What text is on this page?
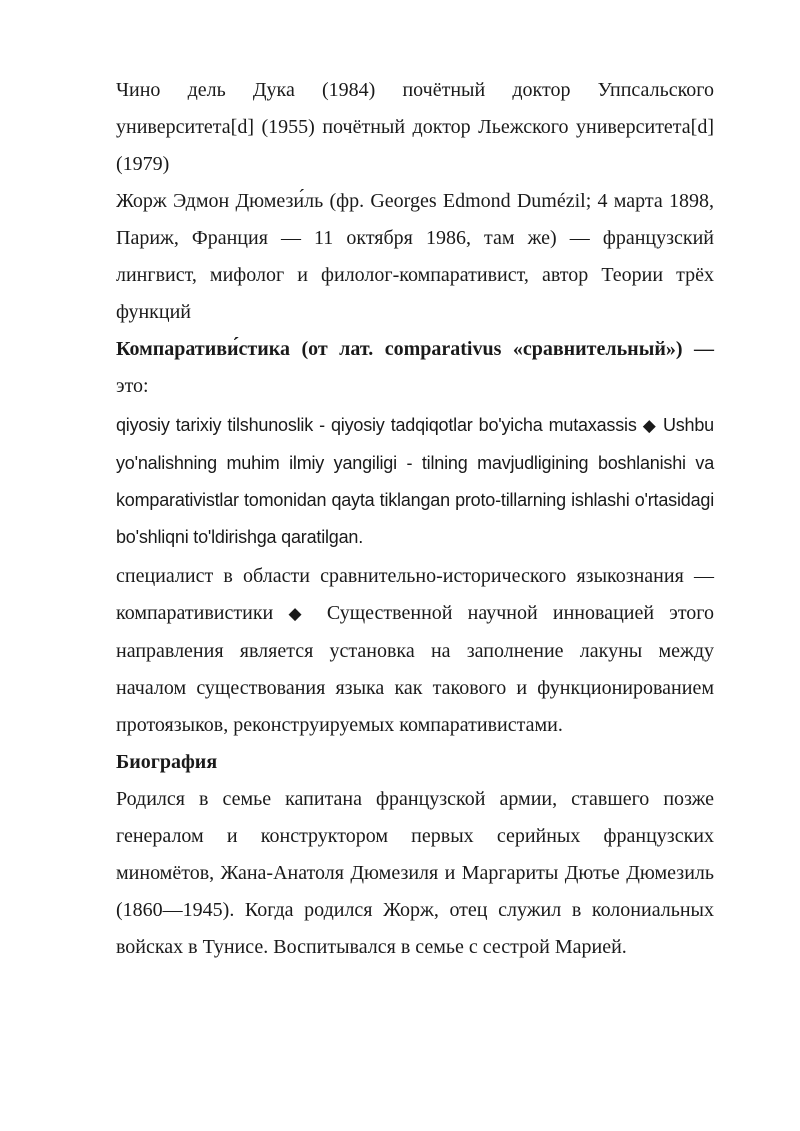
Чино дель Дука (1984) почётный доктор Уппсальского университета[d] (1955) почётный доктор Льежского университета[d] (1979)

Жорж Эдмон Дюмези́ль (фр. Georges Edmond Dumézil; 4 марта 1898, Париж, Франция — 11 октября 1986, там же) — французский лингвист, мифолог и филолог-компаративист, автор Теории трёх функций

Компаративи́стика (от лат. comparativus «сравнительный») — это:

qiyosiy tarixiy tilshunoslik - qiyosiy tadqiqotlar bo'yicha mutaxassis ◆ Ushbu yo'nalishning muhim ilmiy yangiligi - tilning mavjudligining boshlanishi va komparativistlar tomonidan qayta tiklangan proto-tillarning ishlashi o'rtasidagi bo'shliqni to'ldirishga qaratilgan.

специалист в области сравнительно-исторического языкознания — компаративистики ◆ Существенной научной инновацией этого направления является установка на заполнение лакуны между началом существования языка как такового и функционированием протоязыков, реконструируемых компаративистами.

Биография

Родился в семье капитана французской армии, ставшего позже генералом и конструктором первых серийных французских миномётов, Жана-Анатоля Дюмезиля и Маргариты Дютье Дюмезиль (1860—1945). Когда родился Жорж, отец служил в колониальных войсках в Тунисе. Воспитывался в семье с сестрой Марией.
